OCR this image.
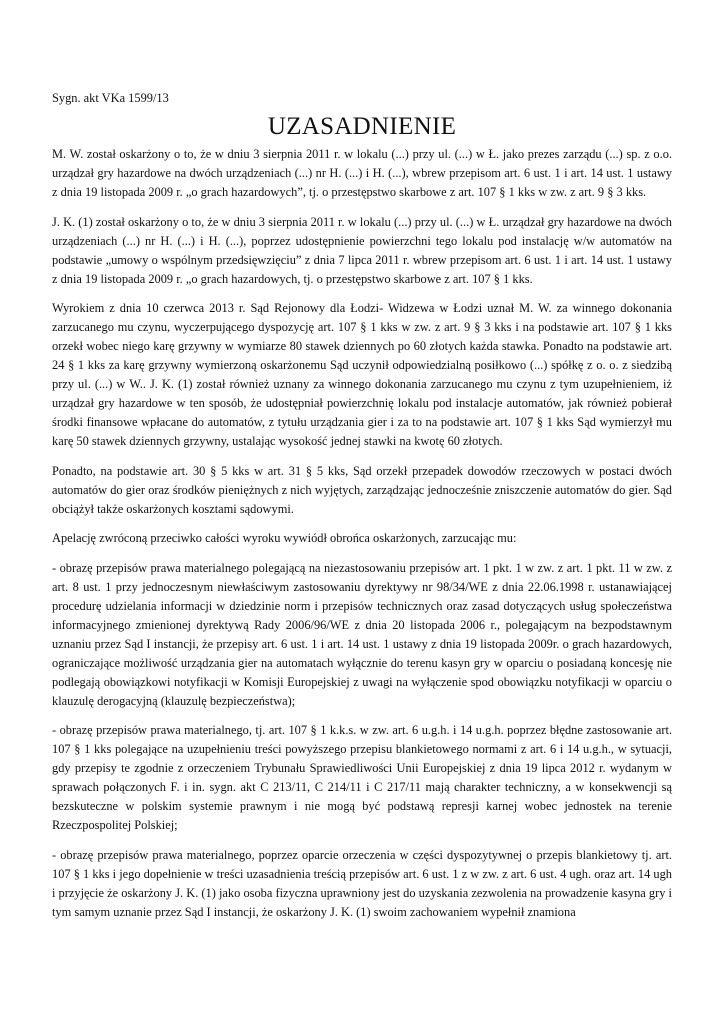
Sygn. akt VKa 1599/13

UZASADNIENIE

M. W. został oskarżony o to, że w dniu 3 sierpnia 2011 r. w lokalu (...) przy ul. (...) w Ł. jako prezes zarządu (...) sp. z o.o. urządzał gry hazardowe na dwóch urządzeniach (...) nr H. (...) i H. (...), wbrew przepisom art. 6 ust. 1 i art. 14 ust. 1 ustawy z dnia 19 listopada 2009 r. „o grach hazardowych”, tj. o przestępstwo skarbowe z art. 107 § 1 kks w zw. z art. 9 § 3 kks.

J. K. (1) został oskarżony o to, że w dniu 3 sierpnia 2011 r. w lokalu (...) przy ul. (...) w Ł. urządzał gry hazardowe na dwóch urządzeniach (...) nr H. (...) i H. (...), poprzez udostępnienie powierzchni tego lokalu pod instalację w/w automatów na podstawie „umowy o wspólnym przedsięwzięciu” z dnia 7 lipca 2011 r. wbrew przepisom art. 6 ust. 1 i art. 14 ust. 1 ustawy z dnia 19 listopada 2009 r. „o grach hazardowych, tj. o przestępstwo skarbowe z art. 107 § 1 kks.

Wyrokiem z dnia 10 czerwca 2013 r. Sąd Rejonowy dla Łodzi- Widzewa w Łodzi uznał M. W. za winnego dokonania zarzucanego mu czynu, wyczerpującego dyspozycję art. 107 § 1 kks w zw. z art. 9 § 3 kks i na podstawie art. 107 § 1 kks orzekł wobec niego karę grzywny w wymiarze 80 stawek dziennych po 60 złotych każda stawka. Ponadto na podstawie art. 24 § 1 kks za karę grzywny wymierzoną oskarżonemu Sąd uczynił odpowiedzialną posiłkowo (...) spółkę z o. o. z siedzibą przy ul. (...) w W.. J. K. (1) został również uznany za winnego dokonania zarzucanego mu czynu z tym uzupełnieniem, iż urządzał gry hazardowe w ten sposób, że udostępniał powierzchnię lokalu pod instalacje automatów, jak również pobierał środki finansowe wpłacane do automatów, z tytułu urządzania gier i za to na podstawie art. 107 § 1 kks Sąd wymierzył mu karę 50 stawek dziennych grzywny, ustalając wysokość jednej stawki na kwotę 60 złotych.

Ponadto, na podstawie art. 30 § 5 kks w art. 31 § 5 kks, Sąd orzekł przepadek dowodów rzeczowych w postaci dwóch automatów do gier oraz środków pieniężnych z nich wyjętych, zarządzając jednocześnie zniszczenie automatów do gier. Sąd obciążył także oskarżonych kosztami sądowymi.

Apelację zwróconą przeciwko całości wyroku wywiódł obrońca oskarżonych, zarzucając mu:

- obrazę przepisów prawa materialnego polegającą na niezastosowaniu przepisów art. 1 pkt. 1 w zw. z art. 1 pkt. 11 w zw. z art. 8 ust. 1 przy jednoczesnym niewłaściwym zastosowaniu dyrektywy nr 98/34/WE z dnia 22.06.1998 r. ustanawiającej procedurę udzielania informacji w dziedzinie norm i przepisów technicznych oraz zasad dotyczących usług społeczeństwa informacyjnego zmienionej dyrektywą Rady 2006/96/WE z dnia 20 listopada 2006 r., polegającym na bezpodstawnym uznaniu przez Sąd I instancji, że przepisy art. 6 ust. 1 i art. 14 ust. 1 ustawy z dnia 19 listopada 2009r. o grach hazardowych, ograniczające możliwość urządzania gier na automatach wyłącznie do terenu kasyn gry w oparciu o posiadaną koncesję nie podlegają obowiązkowi notyfikacji w Komisji Europejskiej z uwagi na wyłączenie spod obowiązku notyfikacji w oparciu o klauzulę derogacyjną (klauzulę bezpieczeństwa);

- obrazę przepisów prawa materialnego, tj. art. 107 § 1 k.k.s. w zw. art. 6 u.g.h. i 14 u.g.h. poprzez błędne zastosowanie art. 107 § 1 kks polegające na uzupełnieniu treści powyższego przepisu blankietowego normami z art. 6 i 14 u.g.h., w sytuacji, gdy przepisy te zgodnie z orzeczeniem Trybunału Sprawiedliwości Unii Europejskiej z dnia 19 lipca 2012 r. wydanym w sprawach połączonych F. i in. sygn. akt C 213/11, C 214/11 i C 217/11 mają charakter techniczny, a w konsekwencji są bezskuteczne w polskim systemie prawnym i nie mogą być podstawą represji karnej wobec jednostek na terenie Rzeczpospolitej Polskiej;

- obrazę przepisów prawa materialnego, poprzez oparcie orzeczenia w części dyspozytywnej o przepis blankietowy tj. art. 107 § 1 kks i jego dopełnienie w treści uzasadnienia treścią przepisów art. 6 ust. 1 z w zw. z art. 6 ust. 4 ugh. oraz art. 14 ugh i przyjęcie że oskarżony J. K. (1) jako osoba fizyczna uprawniony jest do uzyskania zezwolenia na prowadzenie kasyna gry i tym samym uznanie przez Sąd I instancji, że oskarżony J. K. (1) swoim zachowaniem wypełnił znamiona
